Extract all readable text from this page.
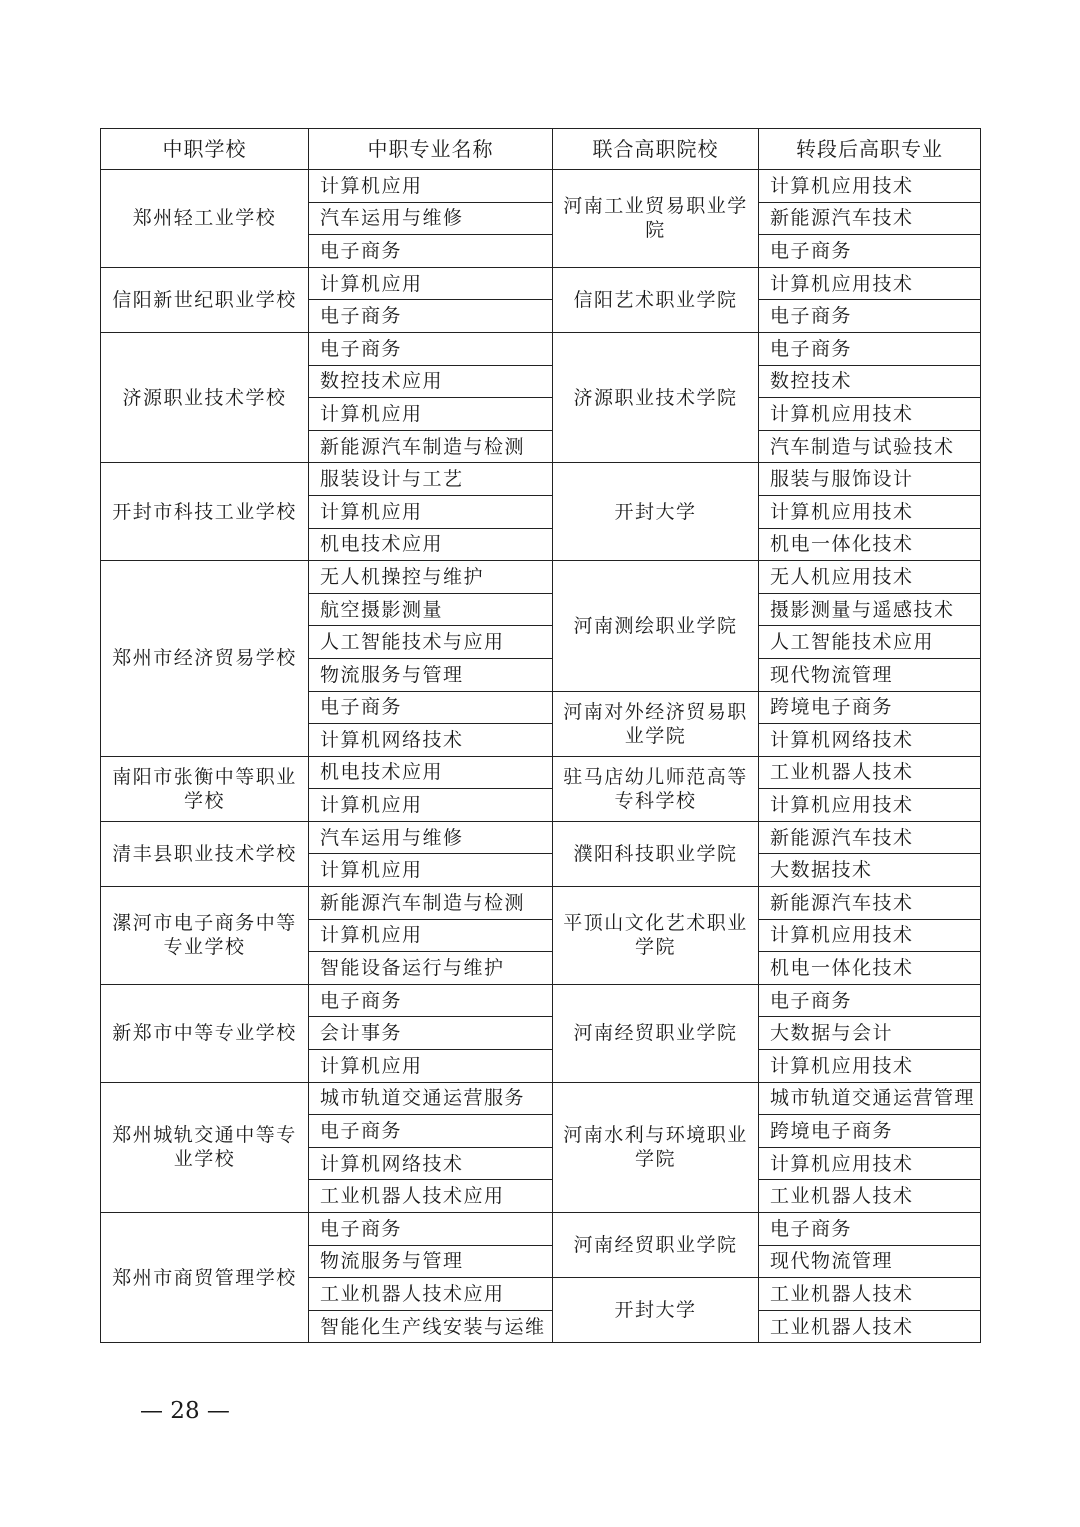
中职学校	中职专业名称	联合高职院校	转段后高职专业
郑州轻工业学校	计算机应用	河南工业贸易职业学院	计算机应用技术
	汽车运用与维修		新能源汽车技术
	电子商务		电子商务
信阳新世纪职业学校	计算机应用	信阳艺术职业学院	计算机应用技术
	电子商务		电子商务
济源职业技术学校	电子商务	济源职业技术学院	电子商务
	数控技术应用		数控技术
	计算机应用		计算机应用技术
	新能源汽车制造与检测		汽车制造与试验技术
开封市科技工业学校	服装设计与工艺	开封大学	服装与服饰设计
	计算机应用		计算机应用技术
	机电技术应用		机电一体化技术
郑州市经济贸易学校	无人机操控与维护	河南测绘职业学院	无人机应用技术
	航空摄影测量		摄影测量与遥感技术
	人工智能技术与应用		人工智能技术应用
	物流服务与管理		现代物流管理
	电子商务	河南对外经济贸易职业学院	跨境电子商务
	计算机网络技术		计算机网络技术
南阳市张衡中等职业学校	机电技术应用	驻马店幼儿师范高等专科学校	工业机器人技术
	计算机应用		计算机应用技术
清丰县职业技术学校	汽车运用与维修	濮阳科技职业学院	新能源汽车技术
	计算机应用		大数据技术
漯河市电子商务中等专业学校	新能源汽车制造与检测	平顶山文化艺术职业学院	新能源汽车技术
	计算机应用		计算机应用技术
	智能设备运行与维护		机电一体化技术
新郑市中等专业学校	电子商务	河南经贸职业学院	电子商务
	会计事务		大数据与会计
	计算机应用		计算机应用技术
郑州城轨交通中等专业学校	城市轨道交通运营服务	河南水利与环境职业学院	城市轨道交通运营管理
	电子商务		跨境电子商务
	计算机网络技术		计算机应用技术
	工业机器人技术应用		工业机器人技术
郑州市商贸管理学校	电子商务	河南经贸职业学院	电子商务
	物流服务与管理		现代物流管理
	工业机器人技术应用	开封大学	工业机器人技术
	智能化生产线安装与运维		工业机器人技术
— 28 —
